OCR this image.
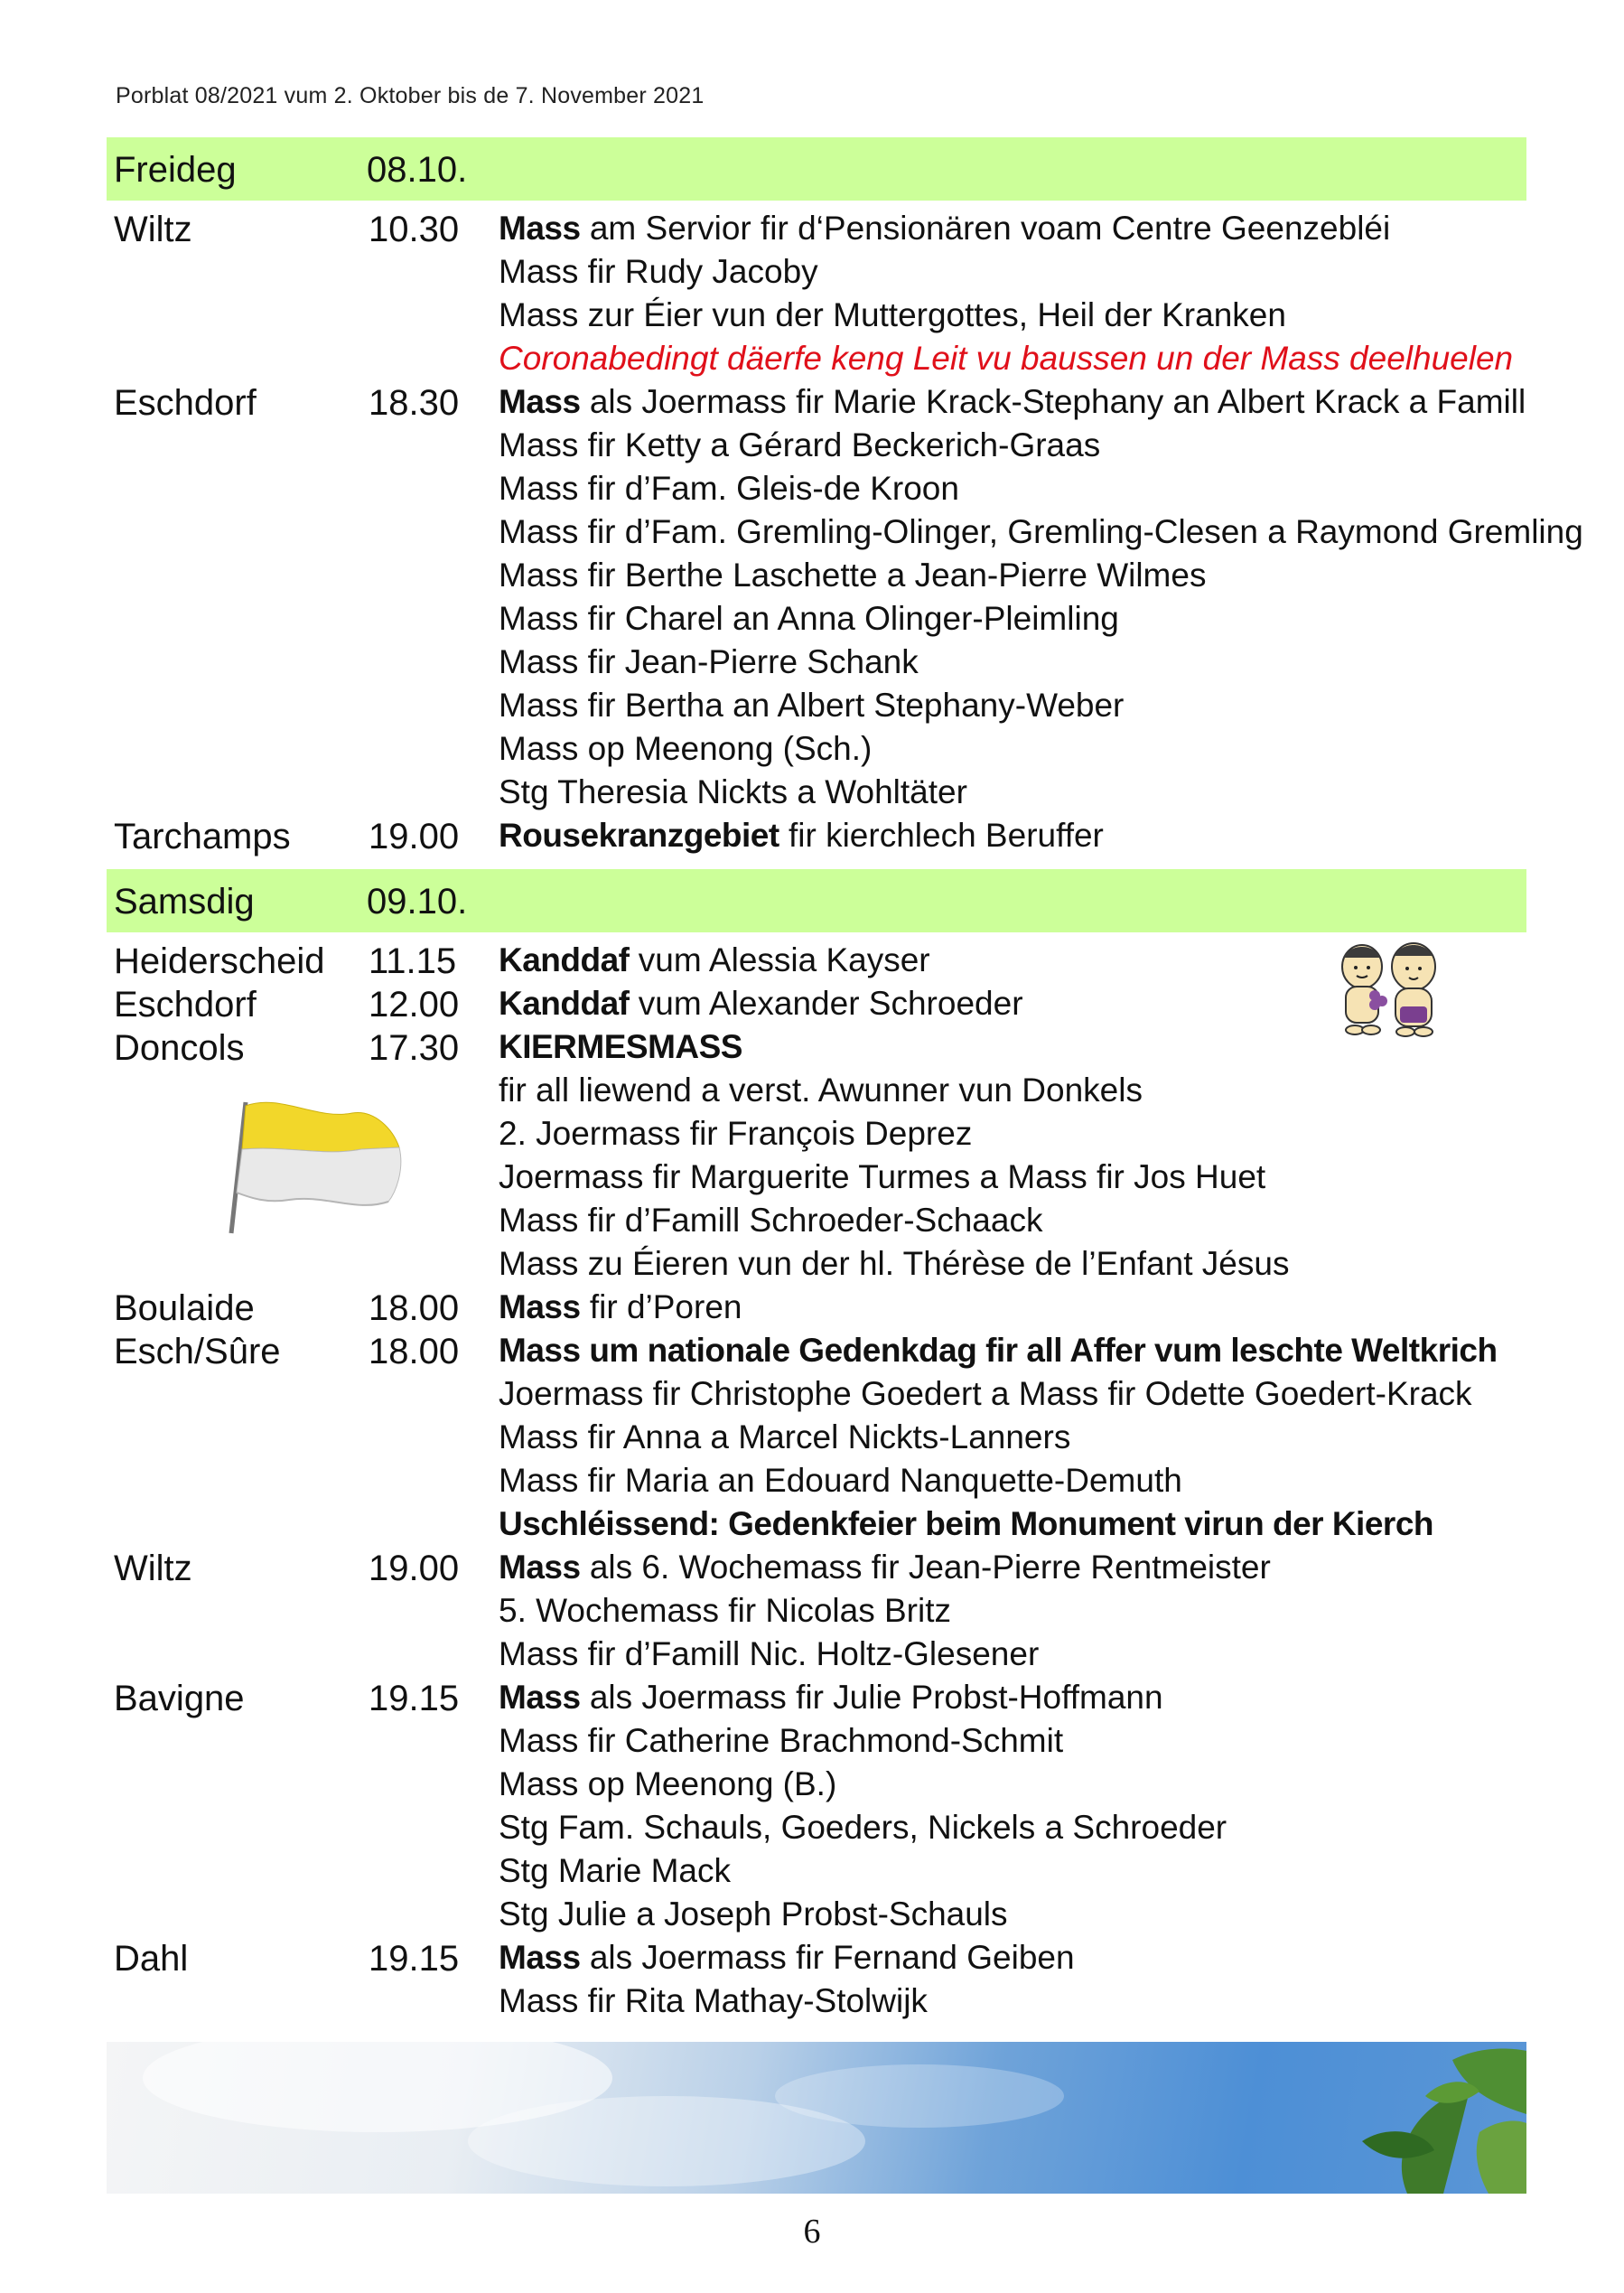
Porblat 08/2021 vum 2. Oktober bis de 7. November 2021
Freideg	08.10.
Wiltz	10.30 Mass am Servior fir d‘Pensionären voam Centre Geenzebléi
Mass fir Rudy Jacoby
Mass zur Éier vun der Muttergottes, Heil der Kranken
Coronabedingt däerfe keng Leit vu baussen un der Mass deelhuelen
Eschdorf	18.30 Mass als Joermass fir Marie Krack-Stephany an Albert Krack a Famill
Mass fir Ketty a Gérard Beckerich-Graas
Mass fir d’Fam. Gleis-de Kroon
Mass fir d’Fam. Gremling-Olinger, Gremling-Clesen a Raymond Gremling
Mass fir Berthe Laschette a Jean-Pierre Wilmes
Mass fir Charel an Anna Olinger-Pleimling
Mass fir Jean-Pierre Schank
Mass fir Bertha an Albert Stephany-Weber
Mass op Meenong (Sch.)
Stg Theresia Nickts a Wohltäter
Tarchamps 19.00 Rousekranzgebiet fir kierchlech Beruffer
Samsdig	09.10.
Heiderscheid 11.15 Kanddaf vum Alessia Kayser
Eschdorf	12.00 Kanddaf vum Alexander Schroeder
Doncols	17.30 KIERMESMASS
fir all liewend a verst. Awunner vun Donkels
2. Joermass fir François Deprez
Joermass fir Marguerite Turmes a Mass fir Jos Huet
Mass fir d’Famill Schroeder-Schaack
Mass zu Éieren vun der hl. Thérèse de l’Enfant Jésus
Boulaide	18.00 Mass fir d’Poren
Esch/Sûre 18.00 Mass um nationale Gedenkdag fir all Affer vum leschte Weltkrich
Joermass fir Christophe Goedert a Mass fir Odette Goedert-Krack
Mass fir Anna a Marcel Nickts-Lanners
Mass fir Maria an Edouard Nanquette-Demuth
Uschléissend: Gedenkfeier beim Monument virun der Kierch
Wiltz	19.00 Mass als 6. Wochemass fir Jean-Pierre Rentmeister
5. Wochemass fir Nicolas Britz
Mass fir d’Famill Nic. Holtz-Glesener
Bavigne	19.15 Mass als Joermass fir Julie Probst-Hoffmann
Mass fir Catherine Brachmond-Schmit
Mass op Meenong (B.)
Stg Fam. Schauls, Goeders, Nickels a Schroeder
Stg Marie Mack
Stg Julie a Joseph Probst-Schauls
Dahl	19.15 Mass als Joermass fir Fernand Geiben
Mass fir Rita Mathay-Stolwijk
6
